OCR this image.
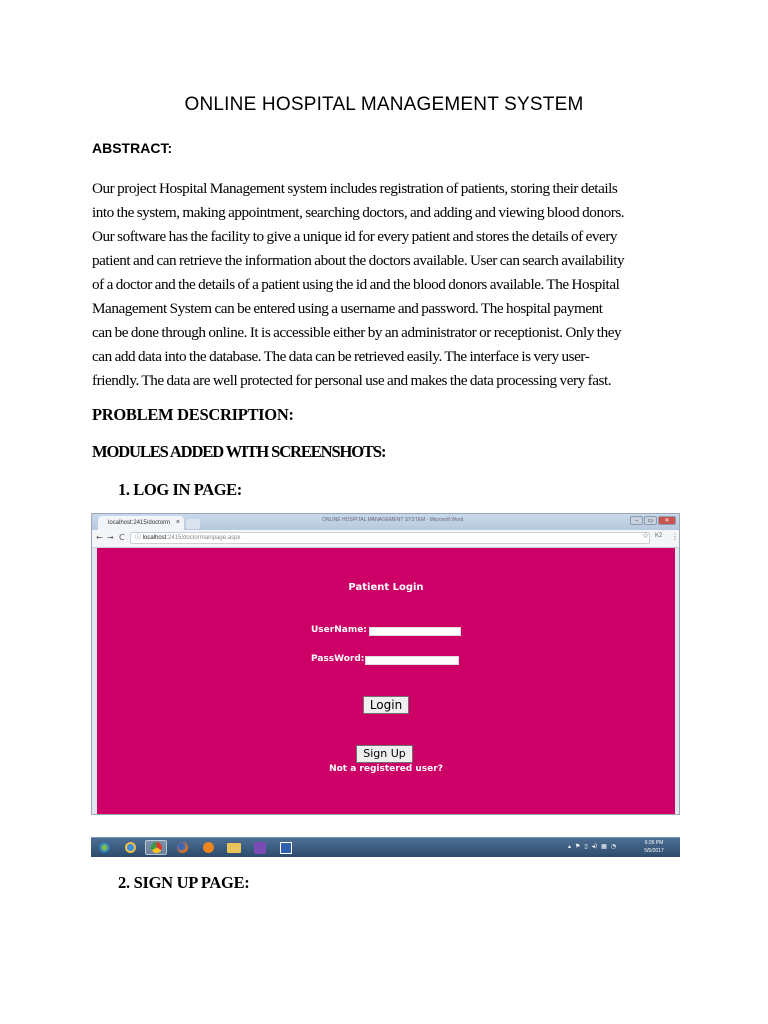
ONLINE HOSPITAL MANAGEMENT SYSTEM
ABSTRACT:
Our project Hospital Management system includes registration of patients, storing their details
into the system, making appointment, searching doctors, and adding and viewing blood donors.
Our software has the facility to give a unique id for every patient and stores the details of every
patient and can retrieve the information about the doctors available. User can search availability
of a doctor and the details of a patient using the id and the blood donors available. The Hospital
Management System can be entered using a username and password. The hospital payment
can be done through online. It is accessible either by an administrator or receptionist. Only they
can add data into the database. The data can be retrieved easily. The interface is very user-
friendly. The data are well protected for personal use and makes the data processing very fast.
PROBLEM DESCRIPTION:
MODULES ADDED WITH SCREENSHOTS:
1. LOG IN PAGE:
localhost:2415/doctorm ×	ONLINE HOSPITAL MANAGEMENT SYSTEM - Microsoft Word	–	▭	✕
← → C	ⓘ localhost:2415/doctormainpage.aspx	☆ K2 ⋮
Patient Login
UserName:
PassWord:
Login
Not a registered user?
Sign Up
▴ ⚑ ▯ ◂) ▦ ◔	6:26 PM
5/5/2017
2. SIGN UP PAGE:
